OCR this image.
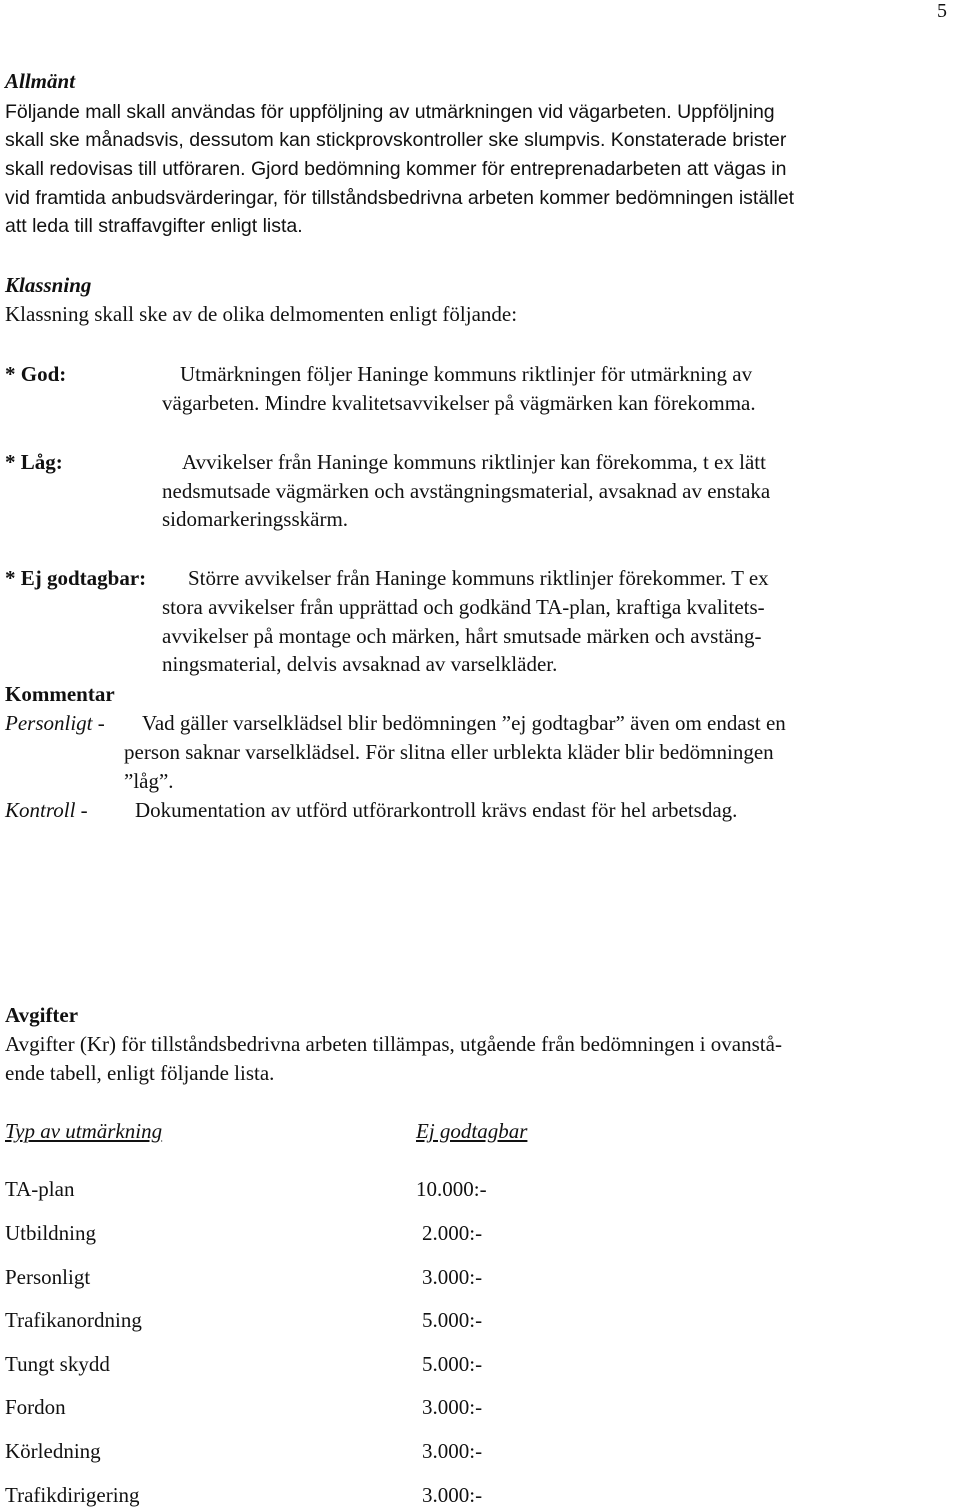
5
Allmänt
Följande mall skall användas för uppföljning av utmärkningen vid vägarbeten. Uppföljning
skall ske månadsvis, dessutom kan stickprovskontroller ske slumpvis. Konstaterade brister
skall redovisas till utföraren. Gjord bedömning kommer för entreprenadarbeten att vägas in
vid framtida anbudsvärderingar, för tillståndsbedrivna arbeten kommer bedömningen istället
att leda till straffavgifter enligt lista.
Klassning
Klassning skall ske av de olika delmomenten enligt följande:
* God:	Utmärkningen följer Haninge kommuns riktlinjer för utmärkning av
vägarbeten. Mindre kvalitetsavvikelser på vägmärken kan förekomma.
* Låg:	Avvikelser från Haninge kommuns riktlinjer kan förekomma, t ex lätt
nedsmutsade vägmärken och avstängningsmaterial, avsaknad av enstaka
sidomarkeringsskärm.
* Ej godtagbar: Större avvikelser från Haninge kommuns riktlinjer förekommer. T ex
stora avvikelser från upprättad och godkänd TA-plan, kraftiga kvalitets-
avvikelser på montage och märken, hårt smutsade märken och avstäng-
ningsmaterial, delvis avsaknad av varselkläder.
Kommentar
Personligt - Vad gäller varselklädsel blir bedömningen ”ej godtagbar” även om endast en
person saknar varselklädsel. För slitna eller urblekta kläder blir bedömningen
”låg”.
Kontroll - Dokumentation av utförd utförarkontroll krävs endast för hel arbetsdag.
Avgifter
Avgifter (Kr) för tillståndsbedrivna arbeten tillämpas, utgående från bedömningen i ovanstå-
ende tabell, enligt följande lista.
Typ av utmärkning	Ej godtagbar
TA-plan	10.000:-
Utbildning	2.000:-
Personligt	3.000:-
Trafikanordning	5.000:-
Tungt skydd	5.000:-
Fordon	3.000:-
Körledning	3.000:-
Trafikdirigering	3.000:-
